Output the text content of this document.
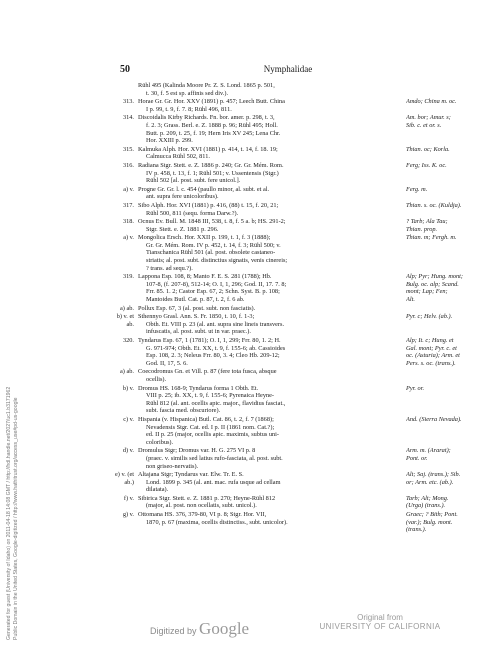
50	Nymphalidae
Rühl 495 (Kalinda Moore Pr. Z. S. Lond. 1865 p. 501,
t. 30, f. 5 est sp. affinis sed div.).
313. Horae Gr. Gr. Hor. XXV (1891) p. 457; Leech Butt. China
I p. 99, t. 9, f. 7. 8; Rühl 496, 811.
Amdo; China m. oc.
314. Discoidalis Kirby Richards. Fn. bor. amer. p. 298, t. 3,
f. 2. 3; Grass. Berl. e. Z. 1888 p. 96; Rühl 495; Holl.
Butt. p. 209, t. 25, f. 19; Hern Iris XV 245; Lena Chr.
Hor. XXIII p. 299.
Am. bor; Amur. s;
Sib. c. et or. s.
315. Kalmuka Alph. Hor. XVI (1881) p. 414, t. 14, f. 18. 19;
Calmucca Rühl 502, 811.
Thian. oc; Korla.
316. Radiana Stgr. Stett. e. Z. 1886 p. 240; Gr. Gr. Mém. Rom.
IV p. 458, t. 13, f. 1; Rühl 501; v. Ussentensis (Stgr.)
Rühl 502 [al. post. subt. fere unicol.].
Ferg; Iss. K. oc.
a) v. Progne Gr. Gr. l. c. 454 (paullo minor, al. subt. et al.
ant. supra fere unicoloribus).
Ferg. m.
317. Sibo Alph. Hor. XVI (1881) p. 416, (88) t. 15, f. 20, 21;
Rühl 500, 811 (sequ. forma Darw.?).
Thian. s. oc. (Kuldja).
318. Ocnus Ev. Bull. M. 1848 III, 538, t. 8, f. 5 a. b; HS. 291-2;
Stgr. Stett. e. Z. 1881 p. 296.
? Tarb; Ala Tau;
Thian. prop.
a) v. Mongolica Ersch. Hor. XXII p. 199, t. 1, f. 3 (1888);
Gr. Gr. Mém. Rom. IV p. 452, t. 14, f. 3; Rühl 500; v.
Tianschanica Rühl 501 (al. post. obsolete castaneo-
striatis; al. post. subt. distinctius signatis, venis cinereis;
? trans. ad sequ.?).
Thian. m; Fergh. m.
319. Lappona Esp. 108, 8; Manto F. E. S. 281 (1788); Hb.
107-8, (f. 207-8), 512-14; O. I, 1, 296; God. II, 17. 7. 8;
Frr. 85. 1. 2; Castor Esp. 67, 2; Schn. Syst. B. p. 108;
Mantoides Butl. Cat. p. 87, t. 2, f. 6 ab.
Alp; Pyr; Hung. mont;
Bulg. oc. alp; Scand.
mont; Lap; Fen;
Alt.
a) ab. Pollux Esp. 67, 3 (al. post. subt. non fasciatis).
b) v. et ab.
Sthennyo Grasl. Ann. S. Fr. 1850, t. 10, f. 1-3;
Obth. Et. VIII p. 23 (al. ant. supra sine lineis transvers.
infuscatis, al. post. subt. ut in var. praec.).
Pyr. c; Helv. (ab.).
320. Tyndarus Esp. 67, 1 (1781); O. I, 1, 299; Frr. 80, 1. 2; H.
G. 971-974; Obth. Et. XX, t. 9, f. 155-6; ab. Cassioides
Esp. 108, 2. 3; Neleus Frr. 80, 3. 4; Cleo Hb. 209-12;
God. II, 17, 5. 6.
Alp; It. c; Hung. et
Gal. mont; Pyr. c. et
oc. (Asturia); Arm. et
Pers. s. oc. (trans.).
a) ab. Coecodromus Gn. et Vill. p. 87 (fere tota fusca, absque
ocellis).
b) v. Dromus HS. 168-9; Tyndarus forma 1 Obth. Et.
VIII p. 25; ib. XX, t. 9, f. 155-6; Pyrenaica Heyne-
Rühl 812 (al. ant. ocellis apic. major., flavidius fasciat.,
subt. fascia med. obscuriore).
Pyr. or.
c) v. Hispania (v. Hispanica) Butl. Cat. 86, t. 2, f. 7 (1868);
Nevadensis Stgr. Cat. ed. I p. II (1861 nom. Cat.?);
ed. II p. 25 (major, ocellis apic. maximis, subtus uni-
coloribus).
And. (Sierra Nevada).
d) v. Dromulus Stgr; Dromus var. H. G. 275 VI p. 8
(praec. v. similis sed latius rufo-fasciata, al. post. subt.
non griseo-nervatis).
Arm. m. (Ararat);
Pont. or.
e) v. (et ab.)
Altajana Stgr; Tyndarus var. Elw. Tr. E. S.
Lond. 1899 p. 345 (al. ant. mac. rufa usque ad cellam
dilatata).
Alt; Saj. (trans.); Sib.
or; Arm. etc. (ab.).
f) v. Sibirica Stgr. Stett. e. Z. 1881 p. 270; Heyne-Rühl 812
(major, al. post. non ocellatis, subt. unicol.).
Tarb; Alt; Mong.
(Urga) (trans.).
g) v. Ottomana HS. 376, 379-80, VI p. 8; Stgr. Hor. VII,
1870, p. 67 (maxima, ocellis distinctiss., subt. unicolor).
Graec; ? Bith; Pont.
(var.); Bulg. mont.
(trans.).
Generated for guest (University of Idaho) on 2011-04-18 14:08 GMT / http://hdl.handle.net/2027/uc1.b3171962 Public Domain in the United States, Google-digitized / http://www.hathitrust.org/access_use#pd-us-google	Digitized by Google
Original from
UNIVERSITY OF CALIFORNIA
